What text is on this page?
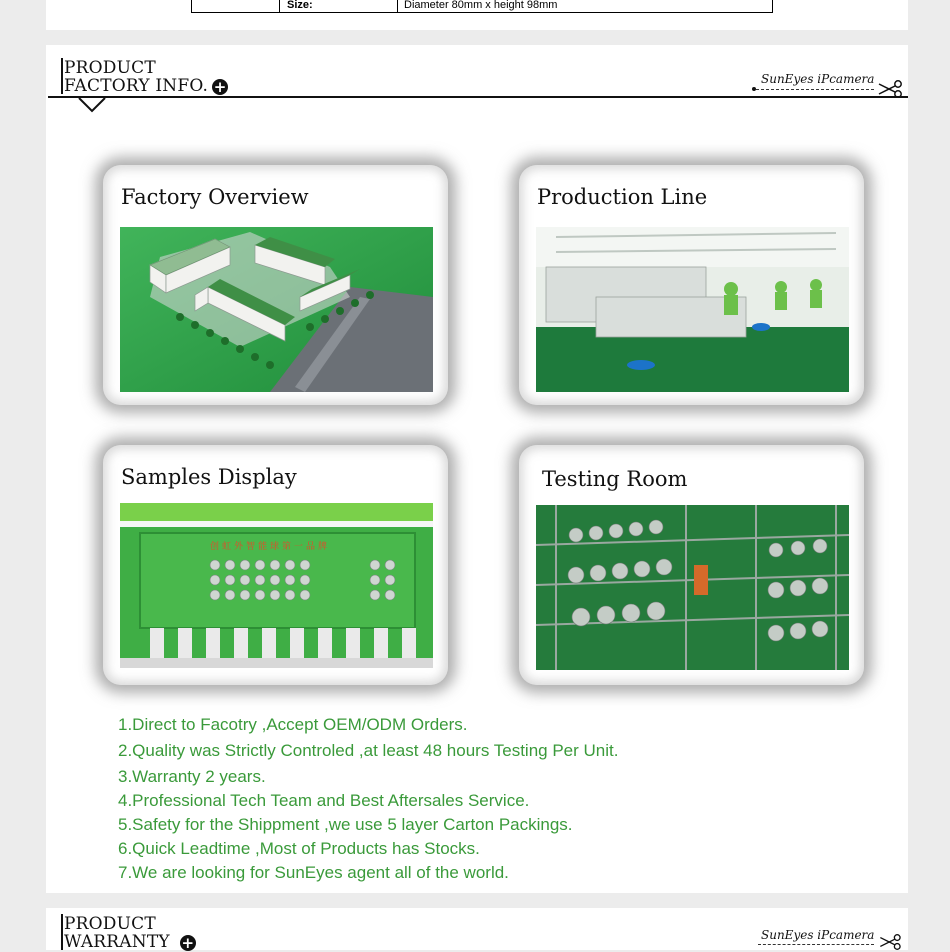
Size:	Diameter 80mm x height 98mm
PRODUCT
FACTORY INFO. +	SunEyes iPcamera
Factory Overview	Production Line
Samples Display
创虹外智能球第一品牌
Testing Room
1.Direct to Facotry ,Accept OEM/ODM Orders.
2.Quality was Strictly Controled ,at least 48 hours Testing Per Unit.
3.Warranty 2 years.
4.Professional Tech Team and Best Aftersales Service.
5.Safety for the Shippment ,we use 5 layer Carton Packings.
6.Quick Leadtime ,Most of Products has Stocks.
7.We are looking for SunEyes agent all of the world.
PRODUCT
WARRANTY +	SunEyes iPcamera
